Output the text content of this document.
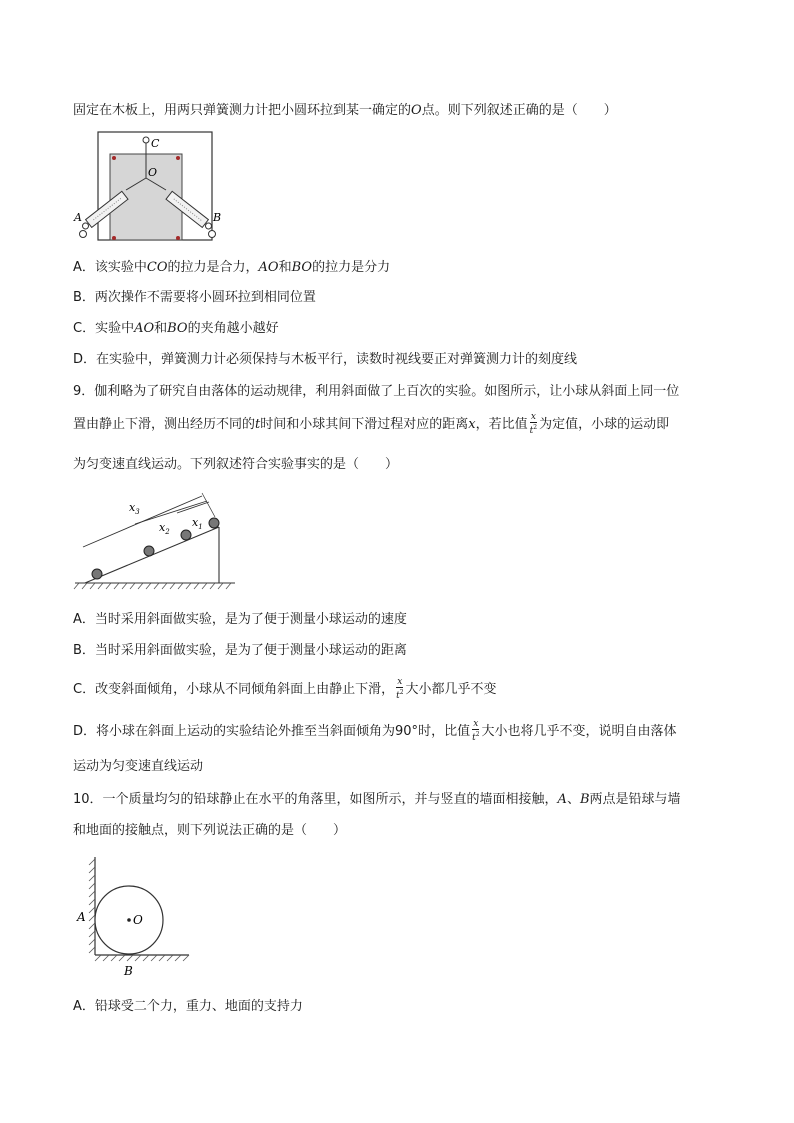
固定在木板上，用两只弹簧测力计把小圆环拉到某一确定的O点。则下列叙述正确的是（　　）
C
O
A	B
A．该实验中CO的拉力是合力，AO和BO的拉力是分力
B．两次操作不需要将小圆环拉到相同位置
C．实验中AO和BO的夹角越小越好
D．在实验中，弹簧测力计必须保持与木板平行，读数时视线要正对弹簧测力计的刻度线
9．伽利略为了研究自由落体的运动规律，利用斜面做了上百次的实验。如图所示，让小球从斜面上同一位
置由静止下滑，测出经历不同的t时间和小球其间下滑过程对应的距离x，若比值 $\frac{x}{t^2}$ 为定值，小球的运动即
为匀变速直线运动。下列叙述符合实验事实的是（　　）
$x_3$
$x_2$
$x_1$
A．当时采用斜面做实验，是为了便于测量小球运动的速度
B．当时采用斜面做实验，是为了便于测量小球运动的距离
C．改变斜面倾角，小球从不同倾角斜面上由静止下滑， $\frac{x}{t^2}$ 大小都几乎不变
D．将小球在斜面上运动的实验结论外推至当斜面倾角为90°时，比值 $\frac{x}{t^2}$ 大小也将几乎不变，说明自由落体
运动为匀变速直线运动
10．一个质量均匀的铅球静止在水平的角落里，如图所示，并与竖直的墙面相接触，A、B两点是铅球与墙
和地面的接触点，则下列说法正确的是（　　）
O
A
B
A．铅球受二个力，重力、地面的支持力
